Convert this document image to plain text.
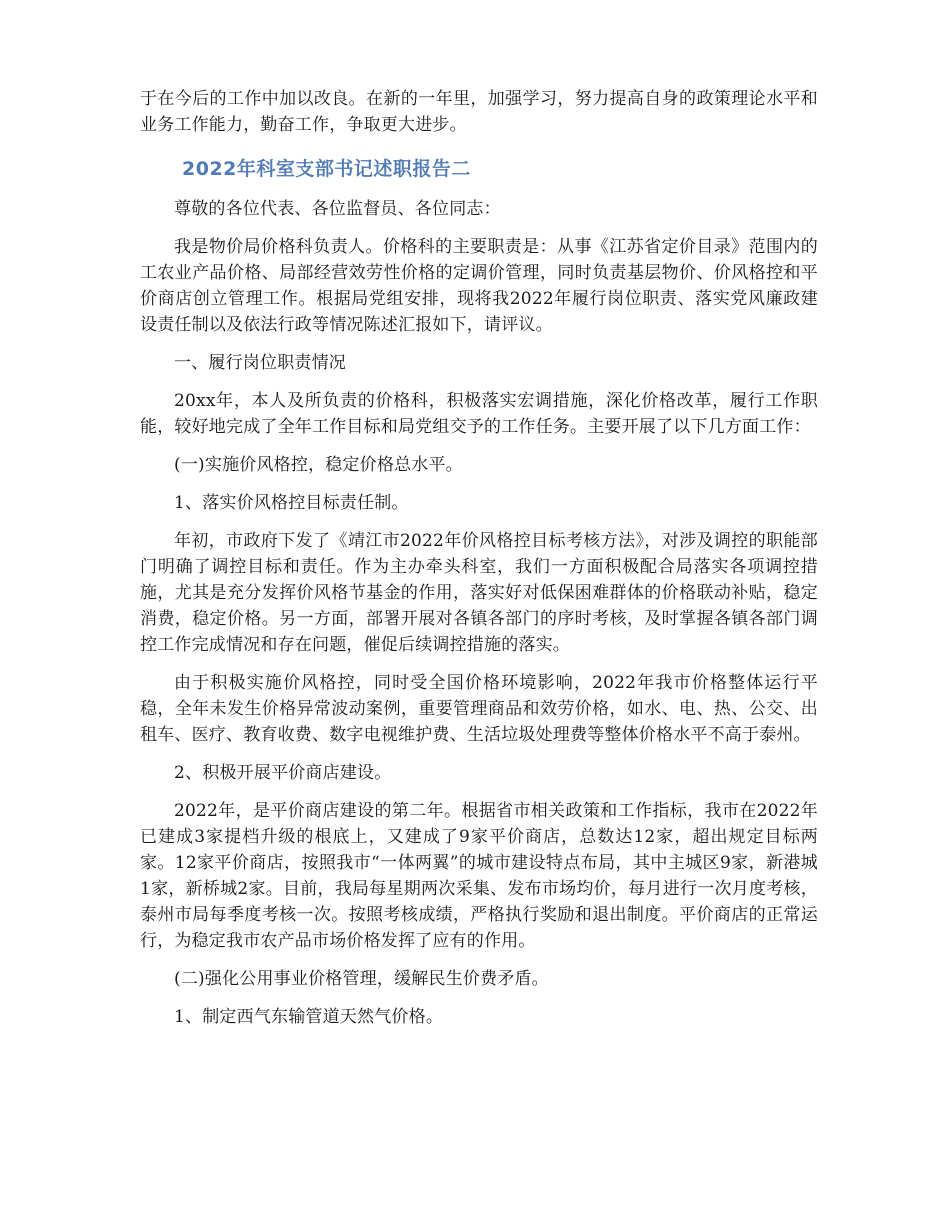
于在今后的工作中加以改良。在新的一年里，加强学习，努力提高自身的政策理论水平和业务工作能力，勤奋工作，争取更大进步。

2022年科室支部书记述职报告二

尊敬的各位代表、各位监督员、各位同志：

我是物价局价格科负责人。价格科的主要职责是：从事《江苏省定价目录》范围内的工农业产品价格、局部经营效劳性价格的定调价管理，同时负责基层物价、价风格控和平价商店创立管理工作。根据局党组安排，现将我2022年履行岗位职责、落实党风廉政建设责任制以及依法行政等情况陈述汇报如下，请评议。

一、履行岗位职责情况

20xx年，本人及所负责的价格科，积极落实宏调措施，深化价格改革，履行工作职能，较好地完成了全年工作目标和局党组交予的工作任务。主要开展了以下几方面工作：

(一)实施价风格控，稳定价格总水平。

1、落实价风格控目标责任制。

年初，市政府下发了《靖江市2022年价风格控目标考核方法》，对涉及调控的职能部门明确了调控目标和责任。作为主办牵头科室，我们一方面积极配合局落实各项调控措施，尤其是充分发挥价风格节基金的作用，落实好对低保困难群体的价格联动补贴，稳定消费，稳定价格。另一方面，部署开展对各镇各部门的序时考核，及时掌握各镇各部门调控工作完成情况和存在问题，催促后续调控措施的落实。

由于积极实施价风格控，同时受全国价格环境影响，2022年我市价格整体运行平稳，全年未发生价格异常波动案例，重要管理商品和效劳价格，如水、电、热、公交、出租车、医疗、教育收费、数字电视维护费、生活垃圾处理费等整体价格水平不高于泰州。

2、积极开展平价商店建设。

2022年，是平价商店建设的第二年。根据省市相关政策和工作指标，我市在2022年已建成3家提档升级的根底上，又建成了9家平价商店，总数达12家，超出规定目标两家。12家平价商店，按照我市“一体两翼”的城市建设特点布局，其中主城区9家，新港城1家，新桥城2家。目前，我局每星期两次采集、发布市场均价，每月进行一次月度考核，泰州市局每季度考核一次。按照考核成绩，严格执行奖励和退出制度。平价商店的正常运行，为稳定我市农产品市场价格发挥了应有的作用。

(二)强化公用事业价格管理，缓解民生价费矛盾。

1、制定西气东输管道天然气价格。
